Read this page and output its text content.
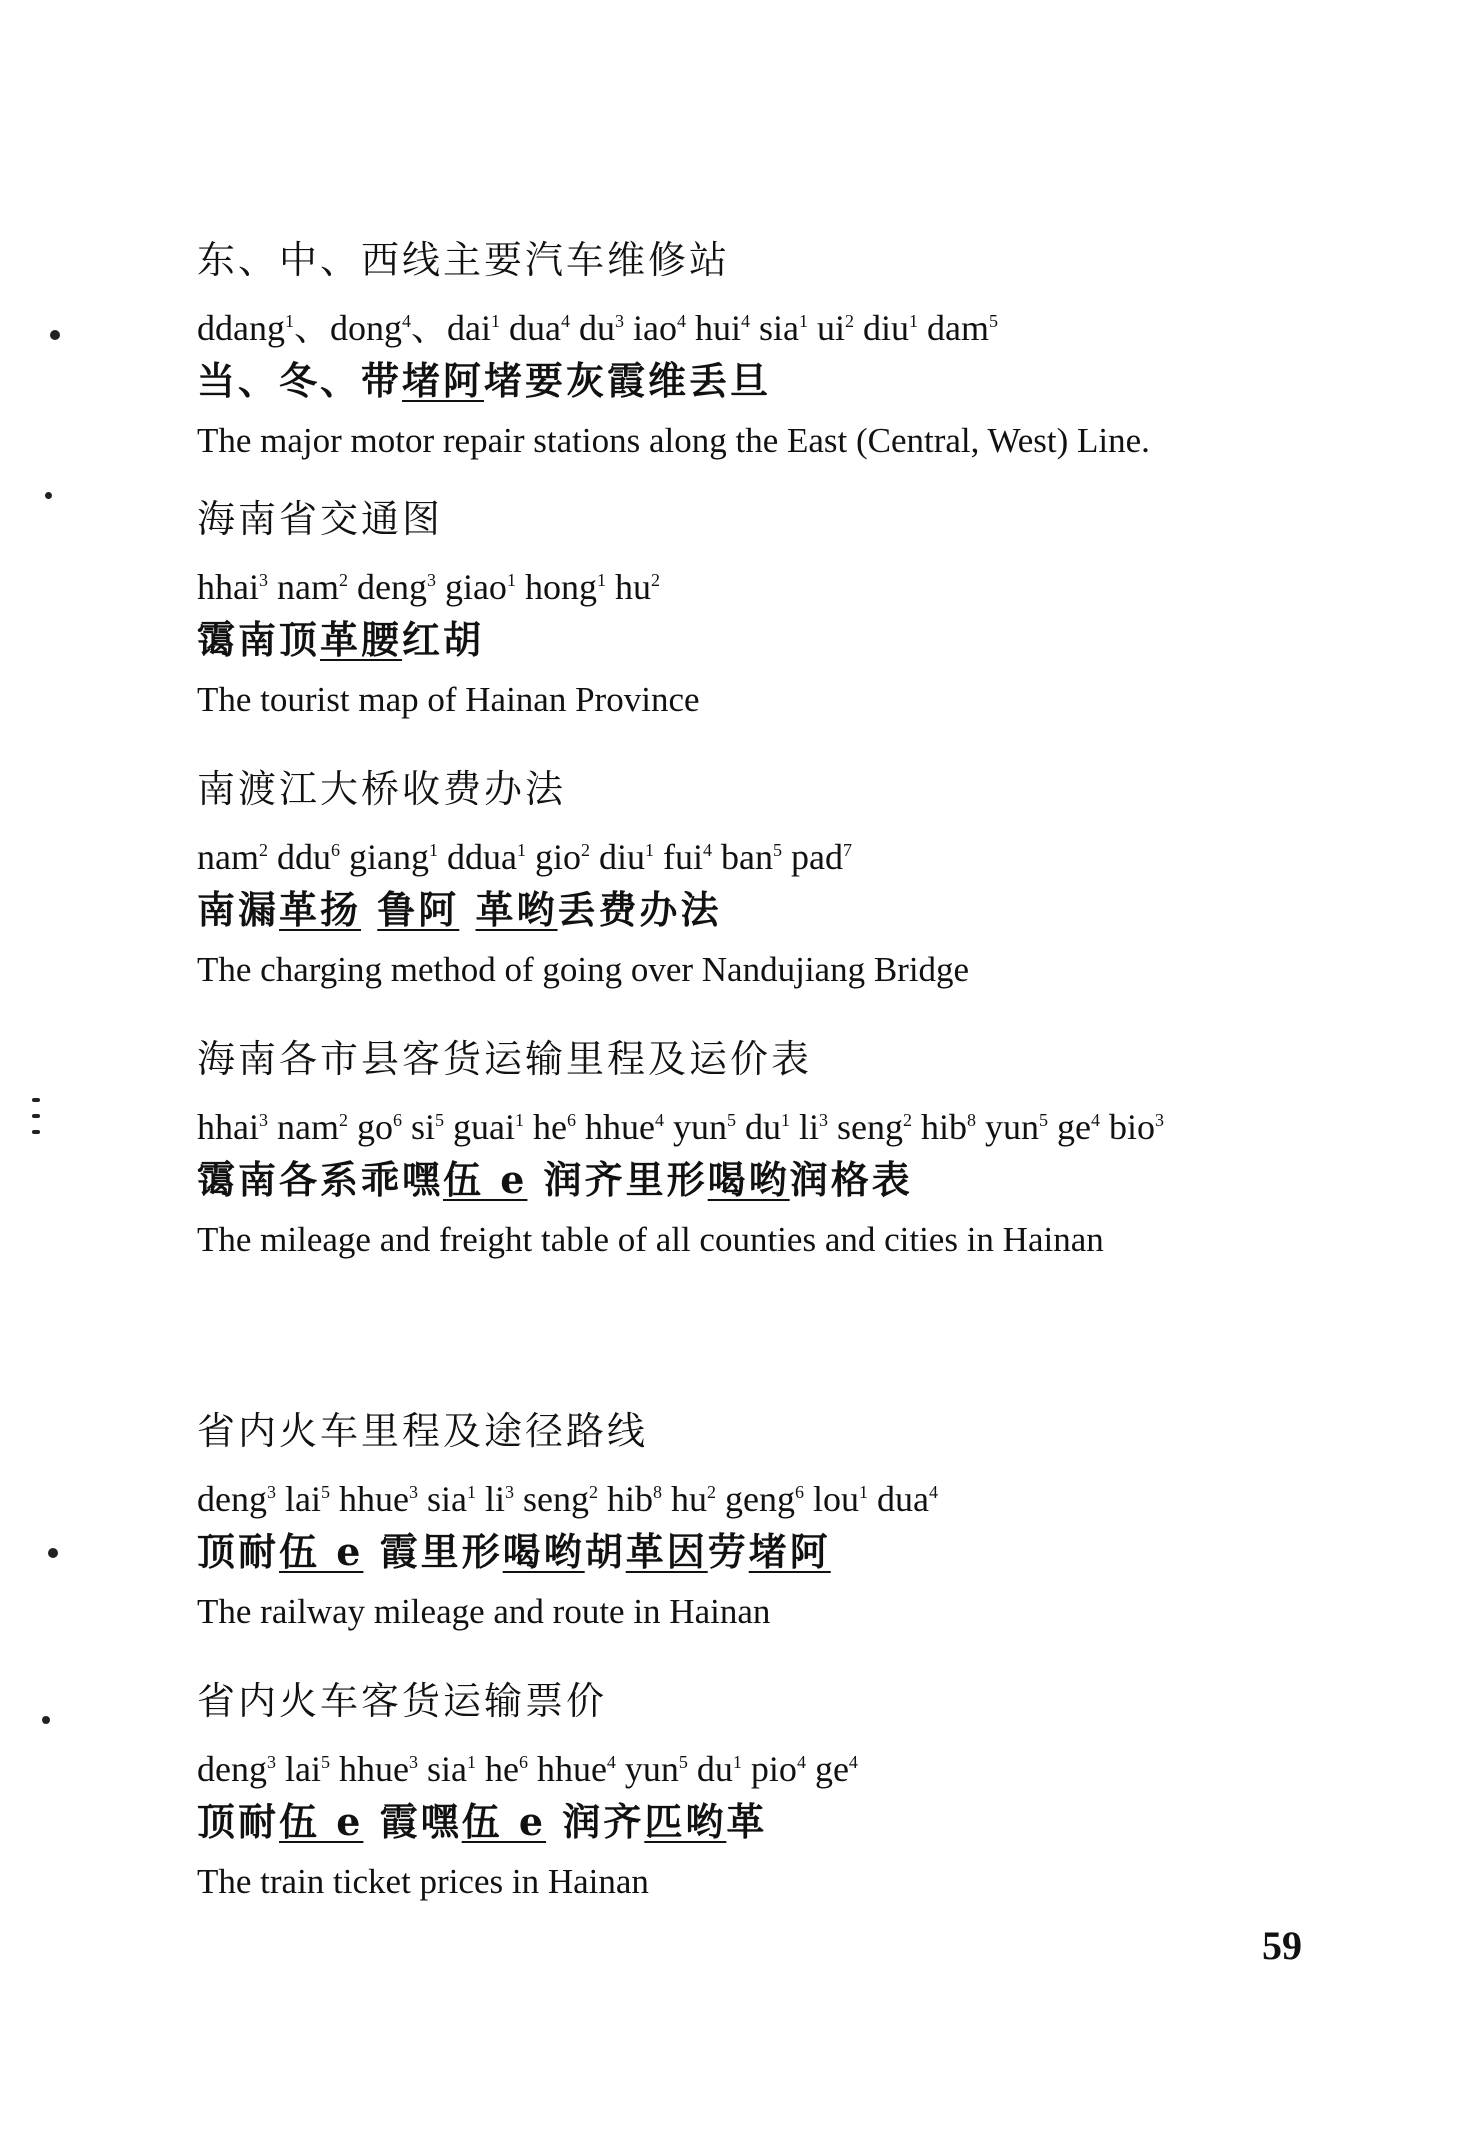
东、中、西线主要汽车维修站
ddang$^1$、dong$^4$、dai$^1$ dua$^4$ $du^3$ iao$^4$ hui$^4$ sia$^1$ $ui^2$ diu$^1$ dam$^5$
当、冬、带堵阿堵要灰霞维丢旦
The major motor repair stations along the East (Central, West) Line.
海南省交通图
hhai$^3$ nam$^2$ deng$^3$ giao$^1$ hong$^1$ $hu^2$
霭南顶革腰红胡
The tourist map of Hainan Province
南渡江大桥收费办法
nam$^2$ ddu$^6$ giang$^1$ ddua$^1$ gio$^2$ diu$^1$ fui$^4$ ban$^5$ pad$^7$
南漏革扬 鲁阿 革哟丢费办法
The charging method of going over Nandujiang Bridge
海南各市县客货运输里程及运价表
hhai$^3$ nam$^2$ $go^6$ $si^5$ guai$^1$ $he^6$ hhue$^4$ yun$^5$ $du^1$ $li^3$ seng$^2$ hib$^8$ yun$^5$ $ge^4$ bio$^3$
霭南各系乖嘿伍 e 润齐里形喝哟润格表
The mileage and freight table of all counties and cities in Hainan
省内火车里程及途径路线
deng$^3$ lai$^5$ hhue$^3$ sia$^1$ $li^3$ seng$^2$ hib$^8$ $hu^2$ geng$^6$ lou$^1$ dua$^4$
顶耐伍 e 霞里形喝哟胡革因劳堵阿
The railway mileage and route in Hainan
省内火车客货运输票价
deng$^3$ lai$^5$ hhue$^3$ sia$^1$ $he^6$ hhue$^4$ yun$^5$ $du^1$ pio$^4$ $ge^4$
顶耐伍 e 霞嘿伍 e 润齐匹哟革
The train ticket prices in Hainan
59
